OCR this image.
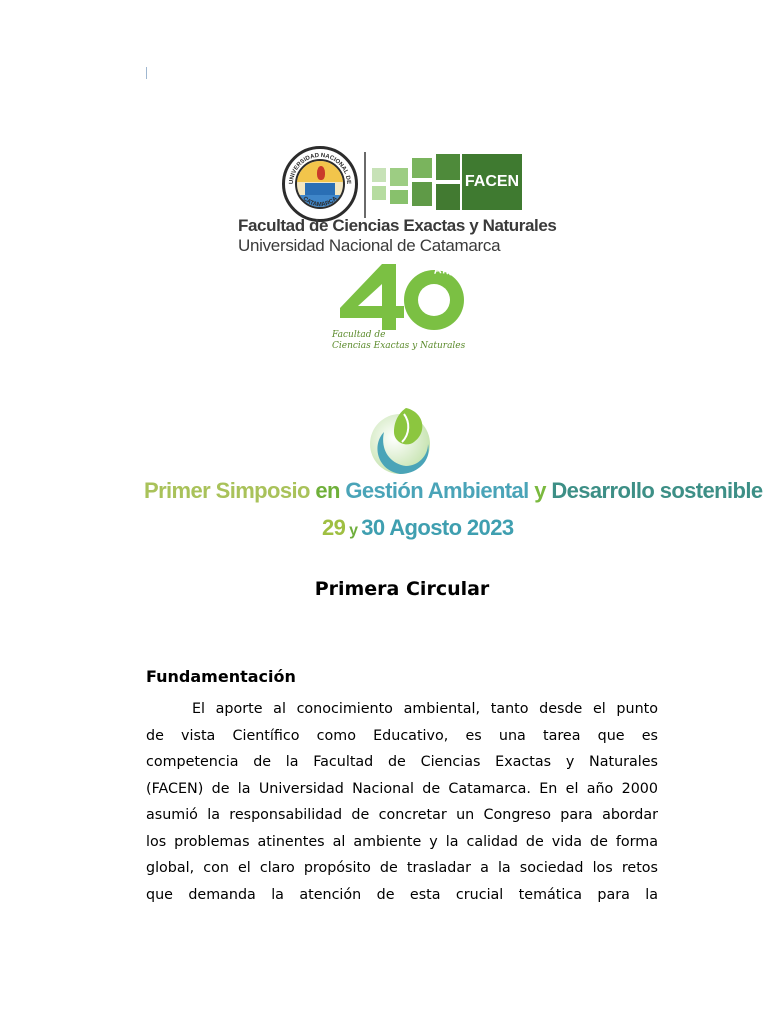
UNIVERSIDAD NACIONAL DE
CATAMARCA
FACEN
Facultad de Ciencias Exactas y Naturales
Universidad Nacional de Catamarca
Aniversario
Facultad de
Ciencias Exactas y Naturales
Primer Simposio en Gestión Ambiental y Desarrollo sostenible
29 y 30 Agosto 2023
Primera Circular
Fundamentación
El aporte al conocimiento ambiental, tanto desde el punto
de vista Científico como Educativo, es una tarea que es
competencia de la Facultad de Ciencias Exactas y Naturales
(FACEN) de la Universidad Nacional de Catamarca. En el año 2000
asumió la responsabilidad de concretar un Congreso para abordar
los problemas atinentes al ambiente y la calidad de vida de forma
global, con el claro propósito de trasladar a la sociedad los retos
que demanda la atención de esta crucial temática para la
